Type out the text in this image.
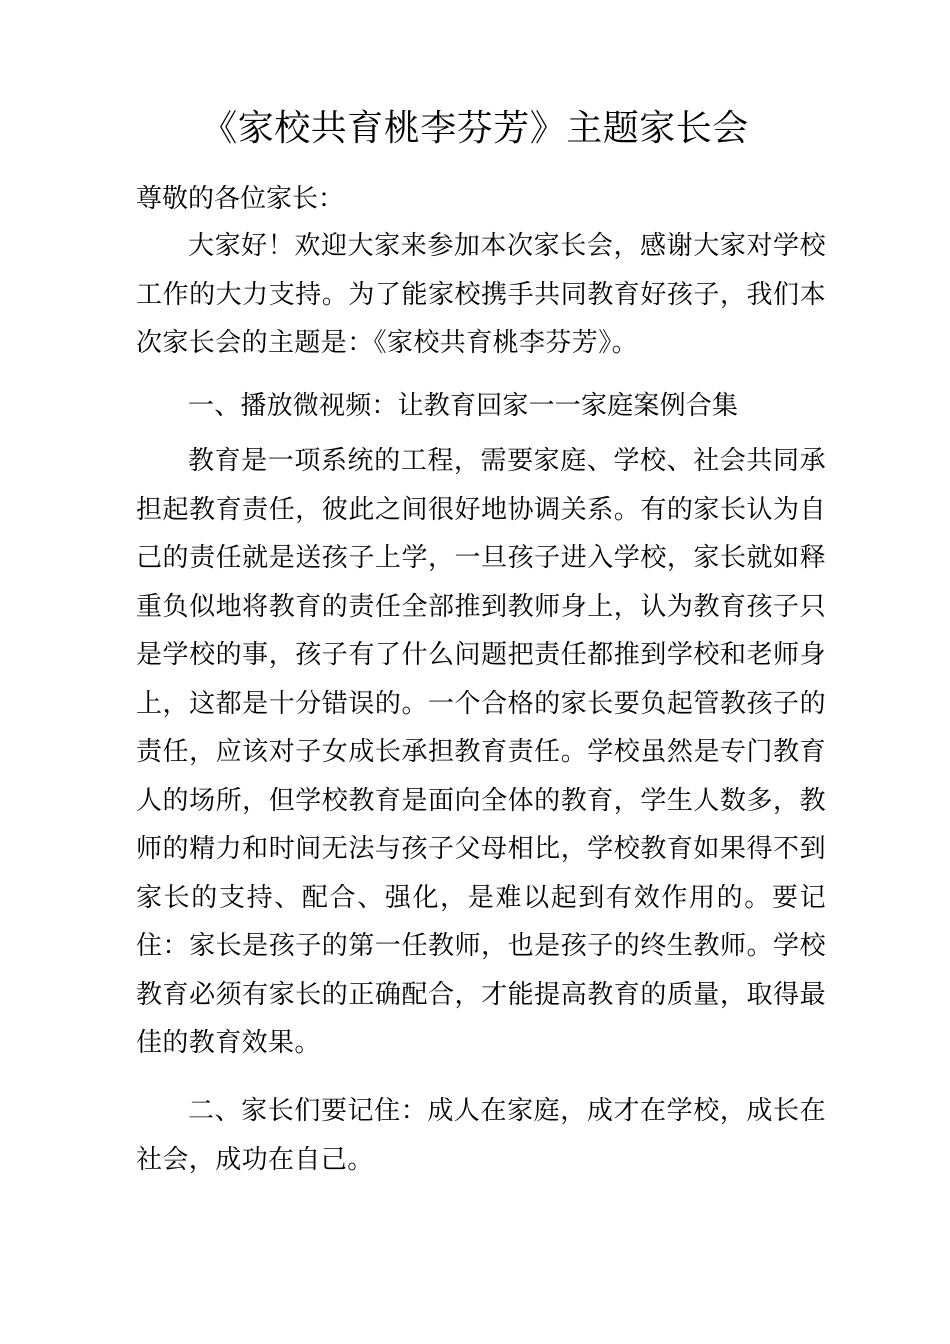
《家校共育桃李芬芳》主题家长会
尊敬的各位家长：
大家好！欢迎大家来参加本次家长会，感谢大家对学校工作的大力支持。为了能家校携手共同教育好孩子，我们本次家长会的主题是：《家校共育桃李芬芳》。
一、播放微视频：让教育回家一一家庭案例合集
教育是一项系统的工程，需要家庭、学校、社会共同承担起教育责任，彼此之间很好地协调关系。有的家长认为自己的责任就是送孩子上学，一旦孩子进入学校，家长就如释重负似地将教育的责任全部推到教师身上，认为教育孩子只是学校的事，孩子有了什么问题把责任都推到学校和老师身上，这都是十分错误的。一个合格的家长要负起管教孩子的责任，应该对子女成长承担教育责任。学校虽然是专门教育人的场所，但学校教育是面向全体的教育，学生人数多，教师的精力和时间无法与孩子父母相比，学校教育如果得不到家长的支持、配合、强化，是难以起到有效作用的。要记住：家长是孩子的第一任教师，也是孩子的终生教师。学校教育必须有家长的正确配合，才能提高教育的质量，取得最佳的教育效果。
二、家长们要记住：成人在家庭，成才在学校，成长在社会，成功在自己。
